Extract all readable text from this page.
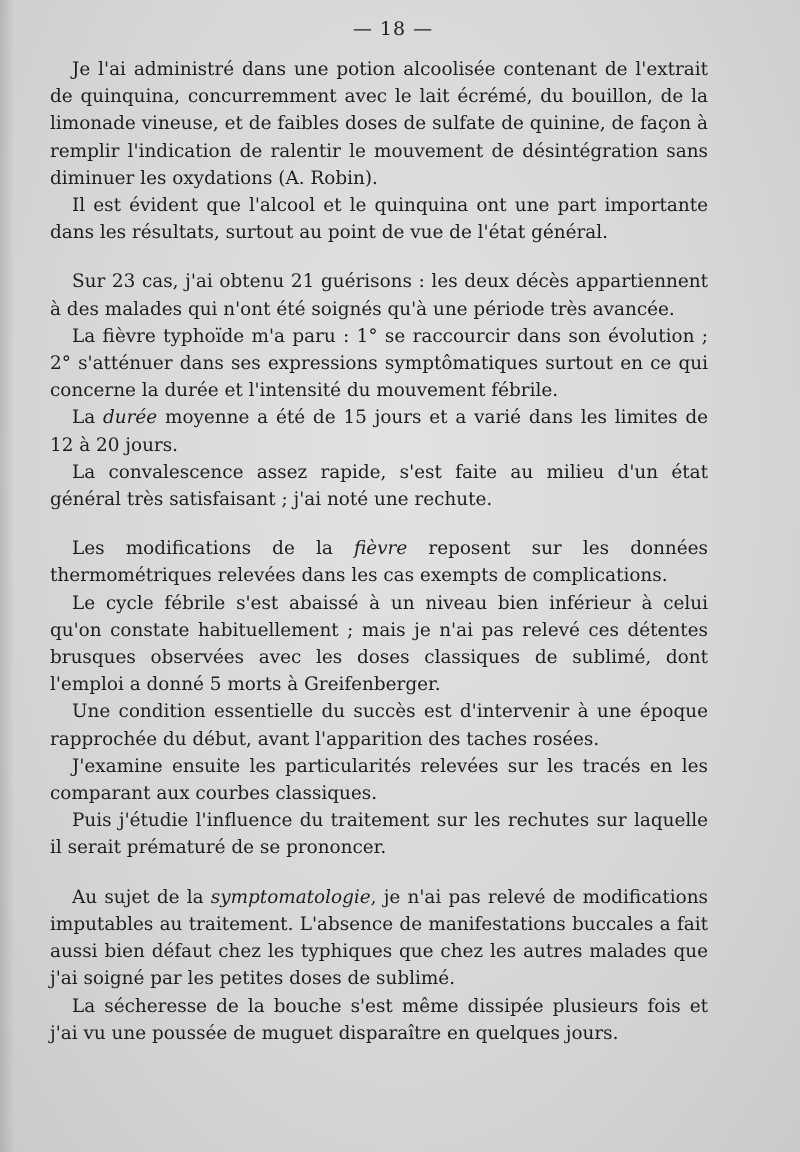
— 18 —

Je l'ai administré dans une potion alcoolisée contenant de l'extrait de quinquina, concurremment avec le lait écrémé, du bouillon, de la limonade vineuse, et de faibles doses de sulfate de quinine, de façon à remplir l'indication de ralentir le mouvement de désintégration sans diminuer les oxydations (A. Robin).

Il est évident que l'alcool et le quinquina ont une part importante dans les résultats, surtout au point de vue de l'état général.

Sur 23 cas, j'ai obtenu 21 guérisons : les deux décès appartiennent à des malades qui n'ont été soignés qu'à une période très avancée.

La fièvre typhoïde m'a paru : 1° se raccourcir dans son évolution ; 2° s'atténuer dans ses expressions symptômatiques surtout en ce qui concerne la durée et l'intensité du mouvement fébrile.

La durée moyenne a été de 15 jours et a varié dans les limites de 12 à 20 jours.

La convalescence assez rapide, s'est faite au milieu d'un état général très satisfaisant ; j'ai noté une rechute.

Les modifications de la fièvre reposent sur les données thermométriques relevées dans les cas exempts de complications.

Le cycle fébrile s'est abaissé à un niveau bien inférieur à celui qu'on constate habituellement ; mais je n'ai pas relevé ces détentes brusques observées avec les doses classiques de sublimé, dont l'emploi a donné 5 morts à Greifenberger.

Une condition essentielle du succès est d'intervenir à une époque rapprochée du début, avant l'apparition des taches rosées.

J'examine ensuite les particularités relevées sur les tracés en les comparant aux courbes classiques.

Puis j'étudie l'influence du traitement sur les rechutes sur laquelle il serait prématuré de se prononcer.

Au sujet de la symptomatologie, je n'ai pas relevé de modifications imputables au traitement. L'absence de manifestations buccales a fait aussi bien défaut chez les typhiques que chez les autres malades que j'ai soigné par les petites doses de sublimé.

La sécheresse de la bouche s'est même dissipée plusieurs fois et j'ai vu une poussée de muguet disparaître en quelques jours.
